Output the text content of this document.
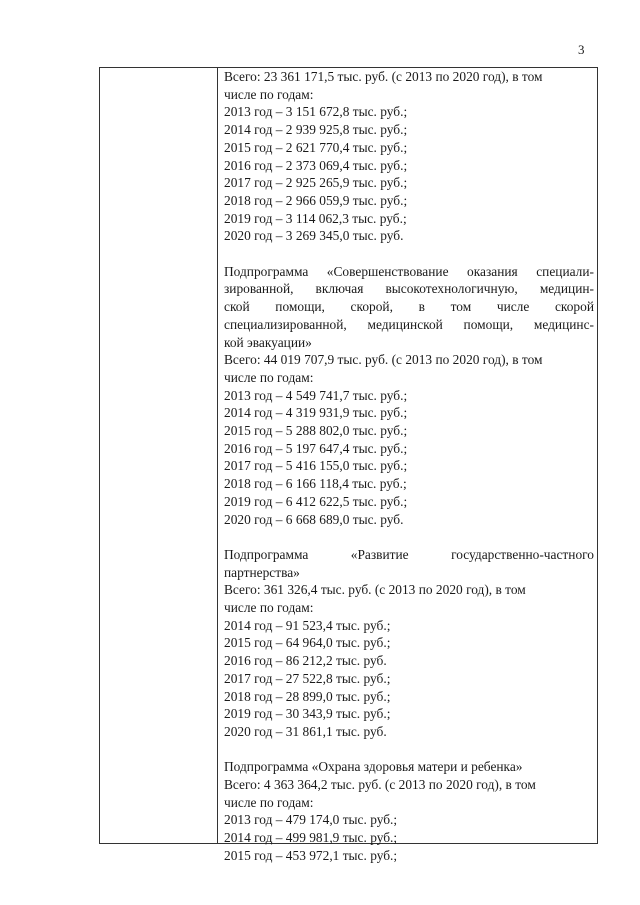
3
Всего: 23 361 171,5 тыс. руб. (с 2013 по 2020 год), в том
числе по годам:
2013 год – 3 151 672,8 тыс. руб.;
2014 год – 2 939 925,8 тыс. руб.;
2015 год – 2 621 770,4 тыс. руб.;
2016 год – 2 373 069,4 тыс. руб.;
2017 год – 2 925 265,9 тыс. руб.;
2018 год – 2 966 059,9 тыс. руб.;
2019 год – 3 114 062,3 тыс. руб.;
2020 год – 3 269 345,0 тыс. руб.
Подпрограмма «Совершенствование оказания специали-
зированной, включая высокотехнологичную, медицин-
ской помощи, скорой, в том числе скорой
специализированной, медицинской помощи, медицинс-
кой эвакуации»
Всего: 44 019 707,9 тыс. руб. (с 2013 по 2020 год), в том
числе по годам:
2013 год – 4 549 741,7 тыс. руб.;
2014 год – 4 319 931,9 тыс. руб.;
2015 год – 5 288 802,0 тыс. руб.;
2016 год – 5 197 647,4 тыс. руб.;
2017 год – 5 416 155,0 тыс. руб.;
2018 год – 6 166 118,4 тыс. руб.;
2019 год – 6 412 622,5 тыс. руб.;
2020 год – 6 668 689,0 тыс. руб.
Подпрограмма «Развитие государственно-частного
партнерства»
Всего: 361 326,4 тыс. руб. (с 2013 по 2020 год), в том
числе по годам:
2014 год – 91 523,4 тыс. руб.;
2015 год – 64 964,0 тыс. руб.;
2016 год – 86 212,2 тыс. руб.
2017 год – 27 522,8 тыс. руб.;
2018 год – 28 899,0 тыс. руб.;
2019 год – 30 343,9 тыс. руб.;
2020 год – 31 861,1 тыс. руб.
Подпрограмма «Охрана здоровья матери и ребенка»
Всего: 4 363 364,2 тыс. руб. (с 2013 по 2020 год), в том
числе по годам:
2013 год – 479 174,0 тыс. руб.;
2014 год – 499 981,9 тыс. руб.;
2015 год – 453 972,1 тыс. руб.;
